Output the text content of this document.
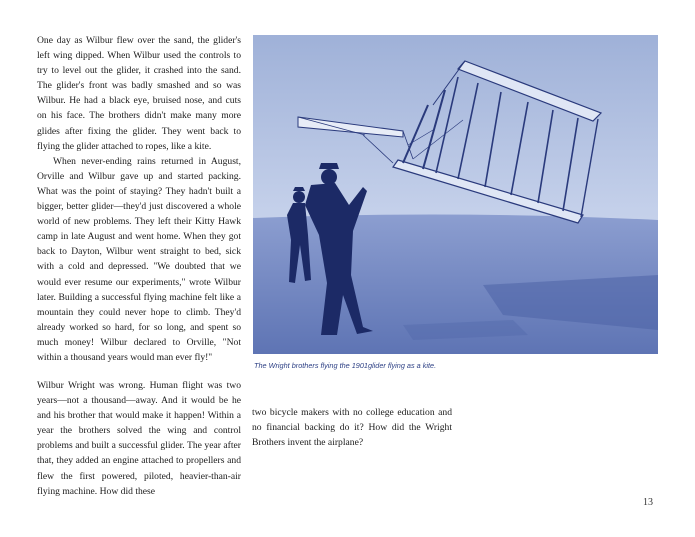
One day as Wilbur flew over the sand, the glider's left wing dipped. When Wilbur used the controls to try to level out the glider, it crashed into the sand. The glider's front was badly smashed and so was Wilbur. He had a black eye, bruised nose, and cuts on his face. The brothers didn't make many more glides after fixing the glider. They went back to flying the glider attached to ropes, like a kite.

When never-ending rains returned in August, Orville and Wilbur gave up and started packing. What was the point of staying? They hadn't built a bigger, better glider—they'd just discovered a whole world of new problems. They left their Kitty Hawk camp in late August and went home. When they got back to Dayton, Wilbur went straight to bed, sick with a cold and depressed. "We doubted that we would ever resume our experiments," wrote Wilbur later. Building a successful flying machine felt like a mountain they could never hope to climb. They'd already worked so hard, for so long, and spent so much money! Wilbur declared to Orville, "Not within a thousand years would man ever fly!"

The Wright brothers flying the 1901glider flying as a kite.

Wilbur Wright was wrong. Human flight was two years—not a thousand—away. And it would be he and his brother that would make it happen! Within a year the brothers solved the wing and control problems and built a successful glider. The year after that, they added an engine attached to propellers and flew the first powered, piloted, heavier-than-air flying machine. How did these

two bicycle makers with no college education and no financial backing do it? How did the Wright Brothers invent the airplane?

13
